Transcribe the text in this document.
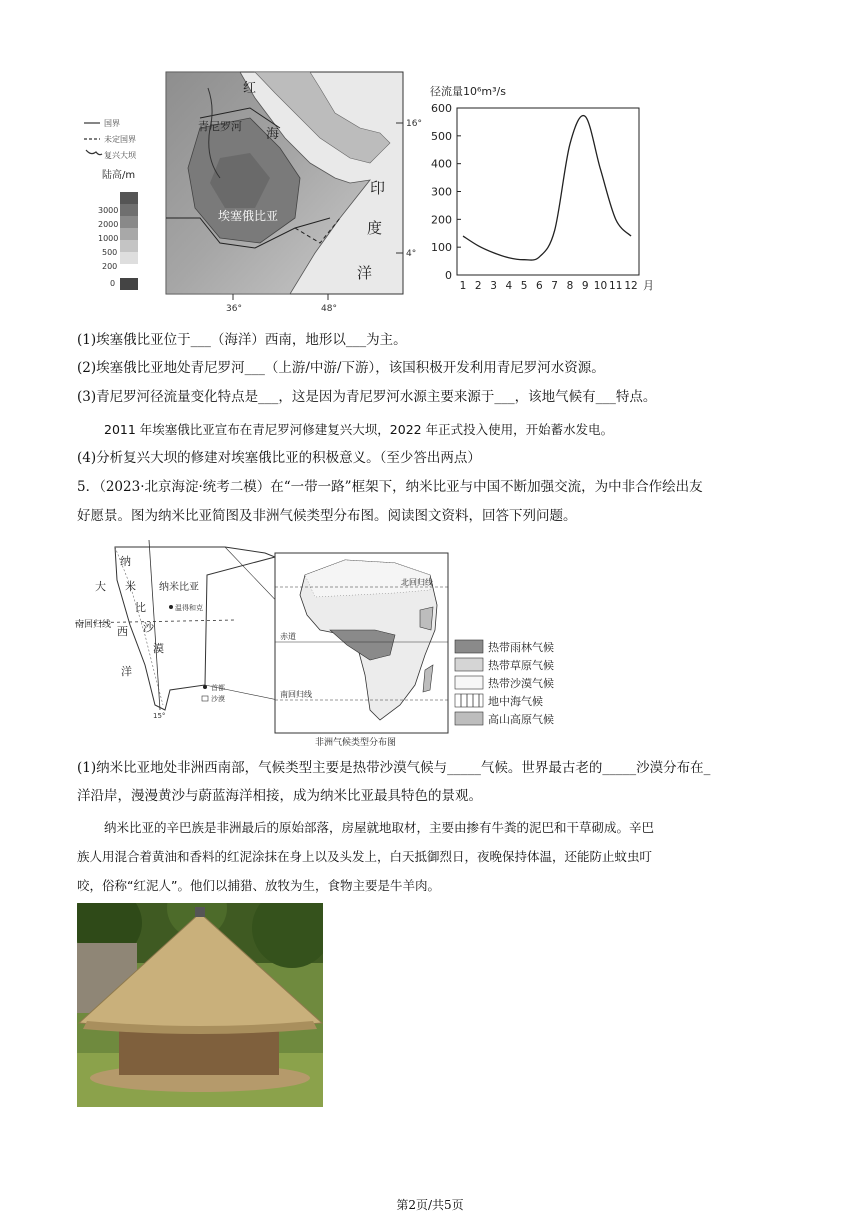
16°
4°
36°	48°
红
海
青尼罗河
埃塞俄比亚
印
度
洋
国界
未定国界
复兴大坝
陆高/m
3000
2000
1000
500
200
0
径流量10⁶m³/s
0
100
200
300
400
500
600
1 2 3 4 5 6 7 8 9 10 11 12 月
(1)埃塞俄比亚位于___（海洋）西南，地形以___为主。
(2)埃塞俄比亚地处青尼罗河___（上游/中游/下游），该国积极开发利用青尼罗河水资源。
(3)青尼罗河径流量变化特点是___，这是因为青尼罗河水源主要来源于___，该地气候有___特点。
2011 年埃塞俄比亚宣布在青尼罗河修建复兴大坝，2022 年正式投入使用，开始蓄水发电。
(4)分析复兴大坝的修建对埃塞俄比亚的积极意义。（至少答出两点）
5．（2023·北京海淀·统考二模）在“一带一路”框架下，纳米比亚与中国不断加强交流，为中非合作绘出友
好愿景。图为纳米比亚简图及非洲气候类型分布图。阅读图文资料，回答下列问题。
纳
大 米 纳米比亚
温得和克
比
南回归线 西 沙
漠
洋
首都
沙漠
15°
北回归线
赤道
南回归线
非洲气候类型分布图
热带雨林气候
热带草原气候
热带沙漠气候
地中海气候
高山高原气候
(1)纳米比亚地处非洲西南部，气候类型主要是热带沙漠气候与_____气候。世界最古老的_____沙漠分布在_
洋沿岸，漫漫黄沙与蔚蓝海洋相接，成为纳米比亚最具特色的景观。
纳米比亚的辛巴族是非洲最后的原始部落，房屋就地取材，主要由掺有牛粪的泥巴和干草砌成。辛巴
族人用混合着黄油和香料的红泥涂抹在身上以及头发上，白天抵御烈日，夜晚保持体温，还能防止蚊虫叮
咬，俗称“红泥人”。他们以捕猎、放牧为生，食物主要是牛羊肉。
第2页/共5页
